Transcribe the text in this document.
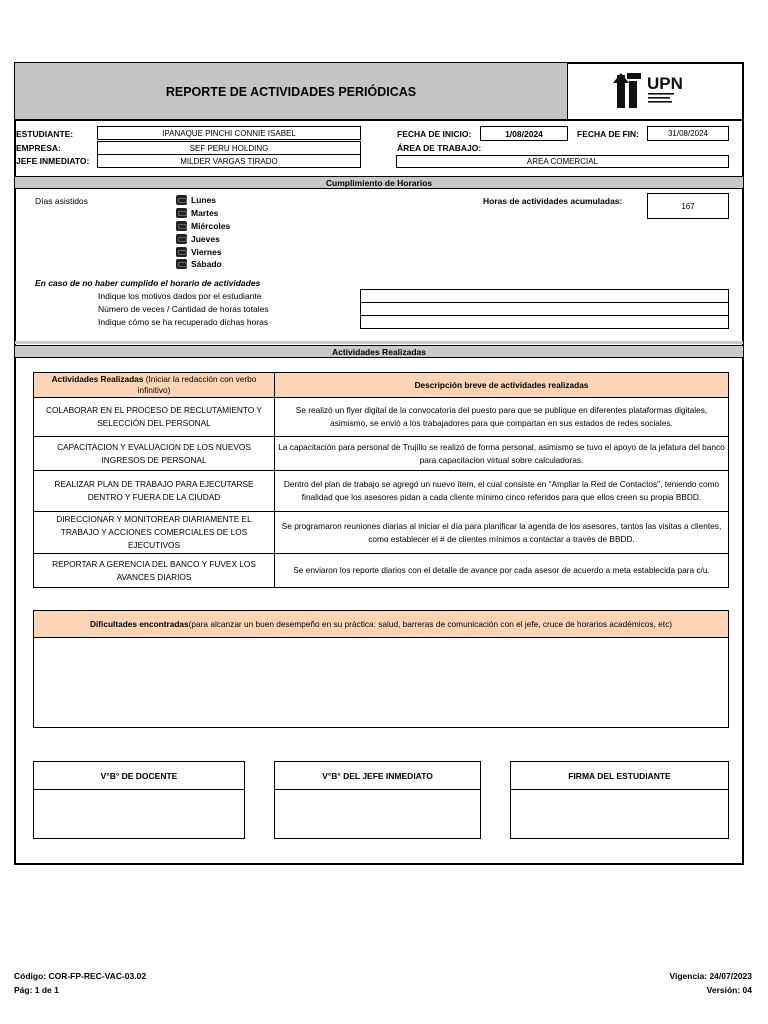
REPORTE DE ACTIVIDADES PERIÓDICAS	UPN
ESTUDIANTE:	IPANAQUE PINCHI CONNIE ISABEL
EMPRESA:	SEF PERU HOLDING
JEFE INMEDIATO:	MILDER VARGAS TIRADO
FECHA DE INICIO:	1/08/2024	FECHA DE FIN:	31/08/2024
ÁREA DE TRABAJO:
AREA COMERCIAL
Cumplimiento de Horarios
Días asistidos	Lunes
Martes
Miércoles
Jueves
Viernes
Sábado
Horas de actividades acumuladas:	167
En caso de no haber cumplido el horario de actividades
Indique los motivos dados por el estudiante
Número de veces / Cantidad de horas totales
Indique cómo se ha recuperado dichas horas
Actividades Realizadas
Actividades Realizadas (Iniciar la redacción con verbo infinitivo)	Descripción breve de actividades realizadas
COLABORAR EN EL PROCESO DE RECLUTAMIENTO Y SELECCIÓN DEL PERSONAL	Se realizó un flyer digital de la convocatoria del puesto para que se publique en diferentes plataformas digitales, asimismo, se envió a los trabajadores para que compartan en sus estados de redes sociales.
CAPACITACION Y EVALUACION DE LOS NUEVOS INGRESOS DE PERSONAL	La capacitación para personal de Trujillo se realizó de forma personal, asimismo se tuvo el apoyo de la jefatura del banco para capacitacion virtual sobre calculadoras.
REALIZAR PLAN DE TRABAJO PARA EJECUTARSE DENTRO Y FUERA DE LA CIUDAD	Dentro del plan de trabajo se agregó un nuevo ítem, el cual consiste en "Ampliar la Red de Contactos", teniendo como finalidad que los asesores pidan a cada cliente mínimo cinco referidos para que ellos creen su propia BBDD.
DIRECCIONAR Y MONITOREAR DIARIAMENTE EL TRABAJO Y ACCIONES COMERCIALES DE LOS EJECUTIVOS	Se programaron reuniones diarias al iniciar el día para planificar la agenda de los asesores, tantos las visitas a clientes, como establecer el # de clientes mínimos a contactar a través de BBDD.
REPORTAR A GERENCIA DEL BANCO Y FUVEX LOS AVANCES DIARIOS	Se enviaron los reporte diarios con el detalle de avance por cada asesor de acuerdo a meta establecida para c/u.
Dificultades encontradas (para alcanzar un buen desempeño en su práctica: salud, barreras de comunicación con el jefe, cruce de horarios académicos, etc)
V°B° DE DOCENTE	V°B° DEL JEFE INMEDIATO	FIRMA DEL ESTUDIANTE
Código: COR-FP-REC-VAC-03.02
Pág: 1 de 1
Vigencia: 24/07/2023
Versión: 04
